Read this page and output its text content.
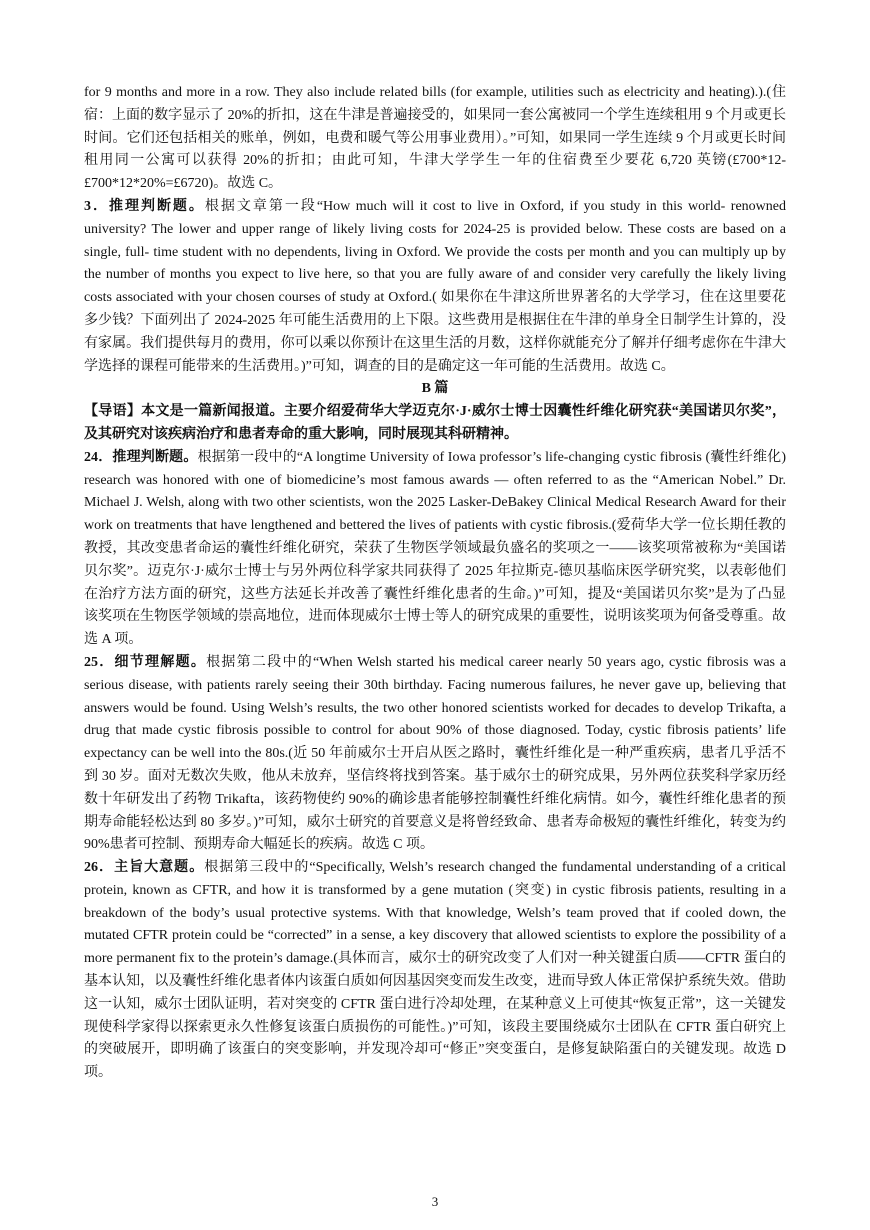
for 9 months and more in a row. They also include related bills (for example, utilities such as electricity and heating).).(住宿：上面的数字显示了 20%的折扣，这在牛津是普遍接受的，如果同一套公寓被同一个学生连续租用 9 个月或更长时间。它们还包括相关的账单，例如，电费和暖气等公用事业费用）。”可知，如果同一学生连续 9 个月或更长时间租用同一公寓可以获得 20%的折扣；由此可知，牛津大学学生一年的住宿费至少要花 6,720 英镑(£700*12-£700*12*20%=£6720)。故选 C。

3．推理判断题。根据文章第一段“How much will it cost to live in Oxford, if you study in this world- renowned university? The lower and upper range of likely living costs for 2024-25 is provided below. These costs are based on a single, full- time student with no dependents, living in Oxford. We provide the costs per month and you can multiply up by the number of months you expect to live here, so that you are fully aware of and consider very carefully the likely living costs associated with your chosen courses of study at Oxford.( 如果你在牛津这所世界著名的大学学习，住在这里要花多少钱？下面列出了 2024-2025 年可能生活费用的上下限。这些费用是根据住在牛津的单身全日制学生计算的，没有家属。我们提供每月的费用，你可以乘以你预计在这里生活的月数，这样你就能充分了解并仔细考虑你在牛津大学选择的课程可能带来的生活费用。)”可知，调查的目的是确定这一年可能的生活费用。故选 C。

B 篇

【导语】本文是一篇新闻报道。主要介绍爱荷华大学迈克尔·J·威尔士博士因囊性纤维化研究获“美国诺贝尔奖”，及其研究对该疾病治疗和患者寿命的重大影响，同时展现其科研精神。

24．推理判断题。根据第一段中的“A longtime University of Iowa professor’s life-changing cystic fibrosis (囊性纤维化) research was honored with one of biomedicine’s most famous awards — often referred to as the “American Nobel.” Dr. Michael J. Welsh, along with two other scientists, won the 2025 Lasker-DeBakey Clinical Medical Research Award for their work on treatments that have lengthened and bettered the lives of patients with cystic fibrosis.(爱荷华大学一位长期任教的教授，其改变患者命运的囊性纤维化研究，荣获了生物医学领域最负盛名的奖项之一——该奖项常被称为“美国诺贝尔奖”。迈克尔·J·威尔士博士与另外两位科学家共同获得了 2025 年拉斯克-德贝基临床医学研究奖，以表彰他们在治疗方法方面的研究，这些方法延长并改善了囊性纤维化患者的生命。)”可知，提及“美国诺贝尔奖”是为了凸显该奖项在生物医学领域的崇高地位，进而体现威尔士博士等人的研究成果的重要性，说明该奖项为何备受尊重。故选 A 项。

25．细节理解题。根据第二段中的“When Welsh started his medical career nearly 50 years ago, cystic fibrosis was a serious disease, with patients rarely seeing their 30th birthday. Facing numerous failures, he never gave up, believing that answers would be found. Using Welsh’s results, the two other honored scientists worked for decades to develop Trikafta, a drug that made cystic fibrosis possible to control for about 90% of those diagnosed. Today, cystic fibrosis patients’ life expectancy can be well into the 80s.(近 50 年前威尔士开启从医之路时，囊性纤维化是一种严重疾病，患者几乎活不到 30 岁。面对无数次失败，他从未放弃，坚信终将找到答案。基于威尔士的研究成果，另外两位获奖科学家历经数十年研发出了药物 Trikafta，该药物使约 90%的确诊患者能够控制囊性纤维化病情。如今，囊性纤维化患者的预期寿命能轻松达到 80 多岁。)”可知，威尔士研究的首要意义是将曾经致命、患者寿命极短的囊性纤维化，转变为约 90%患者可控制、预期寿命大幅延长的疾病。故选 C 项。

26．主旨大意题。根据第三段中的“Specifically, Welsh’s research changed the fundamental understanding of a critical protein, known as CFTR, and how it is transformed by a gene mutation (突变) in cystic fibrosis patients, resulting in a breakdown of the body’s usual protective systems. With that knowledge, Welsh’s team proved that if cooled down, the mutated CFTR protein could be “corrected” in a sense, a key discovery that allowed scientists to explore the possibility of a more permanent fix to the protein’s damage.(具体而言，威尔士的研究改变了人们对一种关键蛋白质——CFTR 蛋白的基本认知，以及囊性纤维化患者体内该蛋白质如何因基因突变而发生改变，进而导致人体正常保护系统失效。借助这一认知，威尔士团队证明，若对突变的 CFTR 蛋白进行冷却处理，在某种意义上可使其“恢复正常”，这一关键发现使科学家得以探索更永久性修复该蛋白质损伤的可能性。)”可知，该段主要围绕威尔士团队在 CFTR 蛋白研究上的突破展开，即明确了该蛋白的突变影响，并发现冷却可“修正”突变蛋白，是修复缺陷蛋白的关键发现。故选 D 项。

3
